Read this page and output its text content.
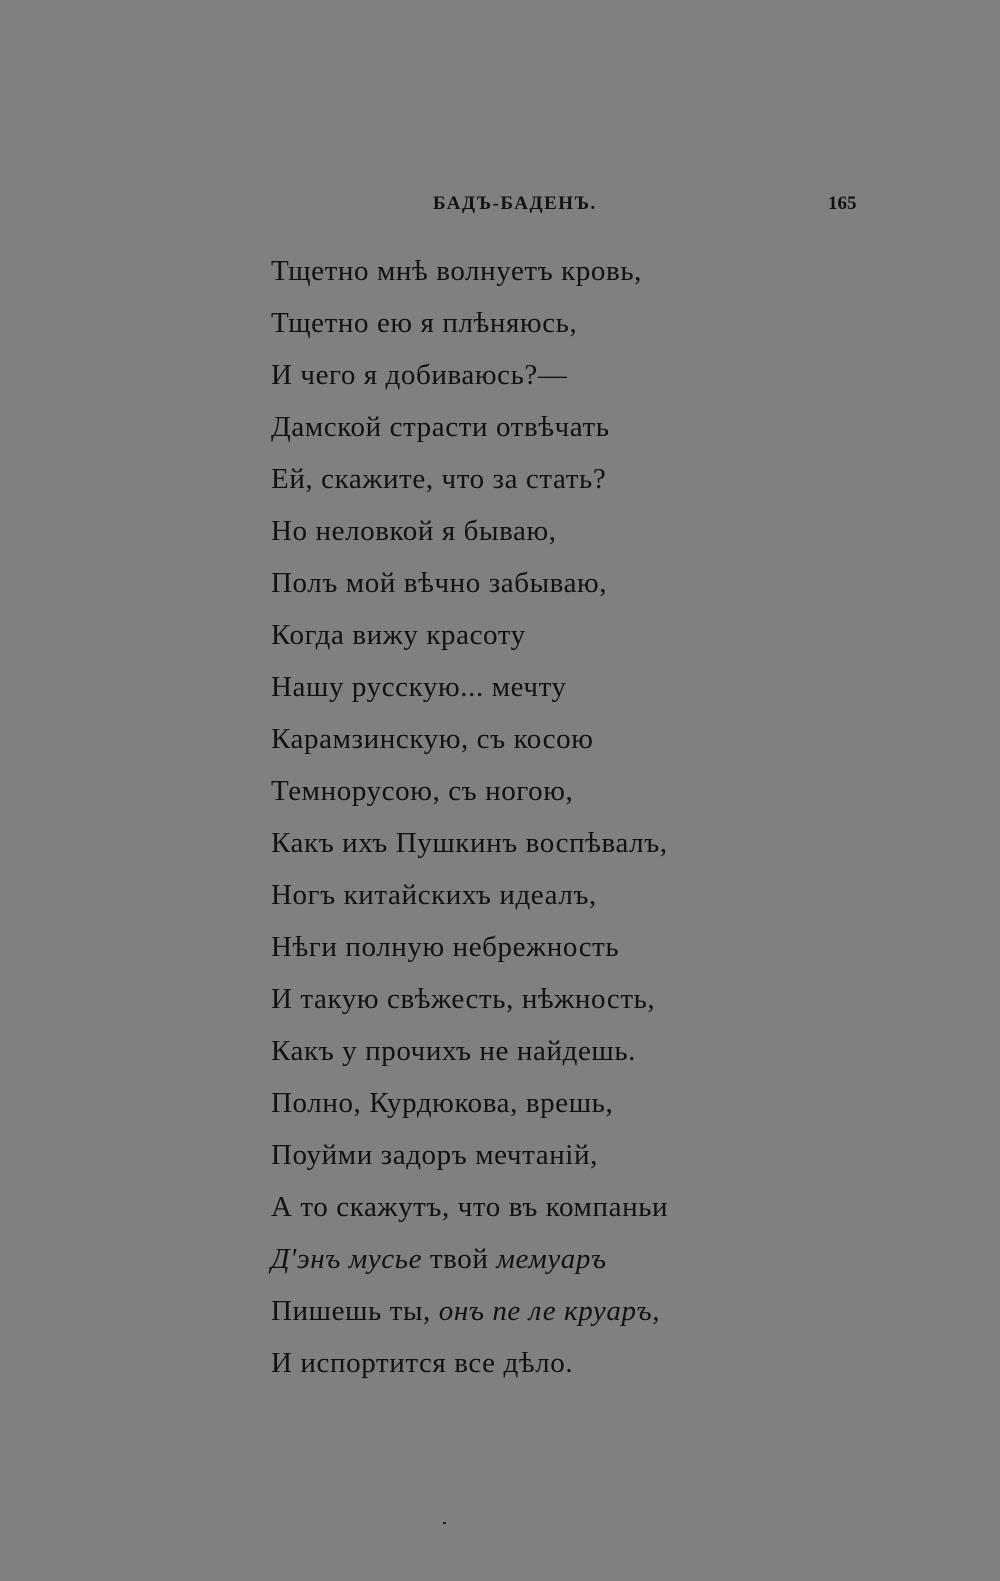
БАДЪ-БАДЕНЪ.	165
Тщетно мнѣ волнуетъ кровь,
Тщетно ею я плѣняюсь,
И чего я добиваюсь?—
Дамской страсти отвѣчать
Ей, скажите, что за стать?
Но неловкой я бываю,
Полъ мой вѣчно забываю,
Когда вижу красоту
Нашу русскую... мечту
Карамзинскую, съ косою
Темнорусою, съ ногою,
Какъ ихъ Пушкинъ воспѣвалъ,
Ногъ китайскихъ идеалъ,
Нѣги полную небрежность
И такую свѣжесть, нѣжность,
Какъ у прочихъ не найдешь.
Полно, Курдюкова, врешь,
Поуйми задоръ мечтаній,
А то скажутъ, что въ компаньи
Д'энъ мусье твой мемуаръ
Пишешь ты, онъ пе ле круаръ,
И испортится все дѣло.
